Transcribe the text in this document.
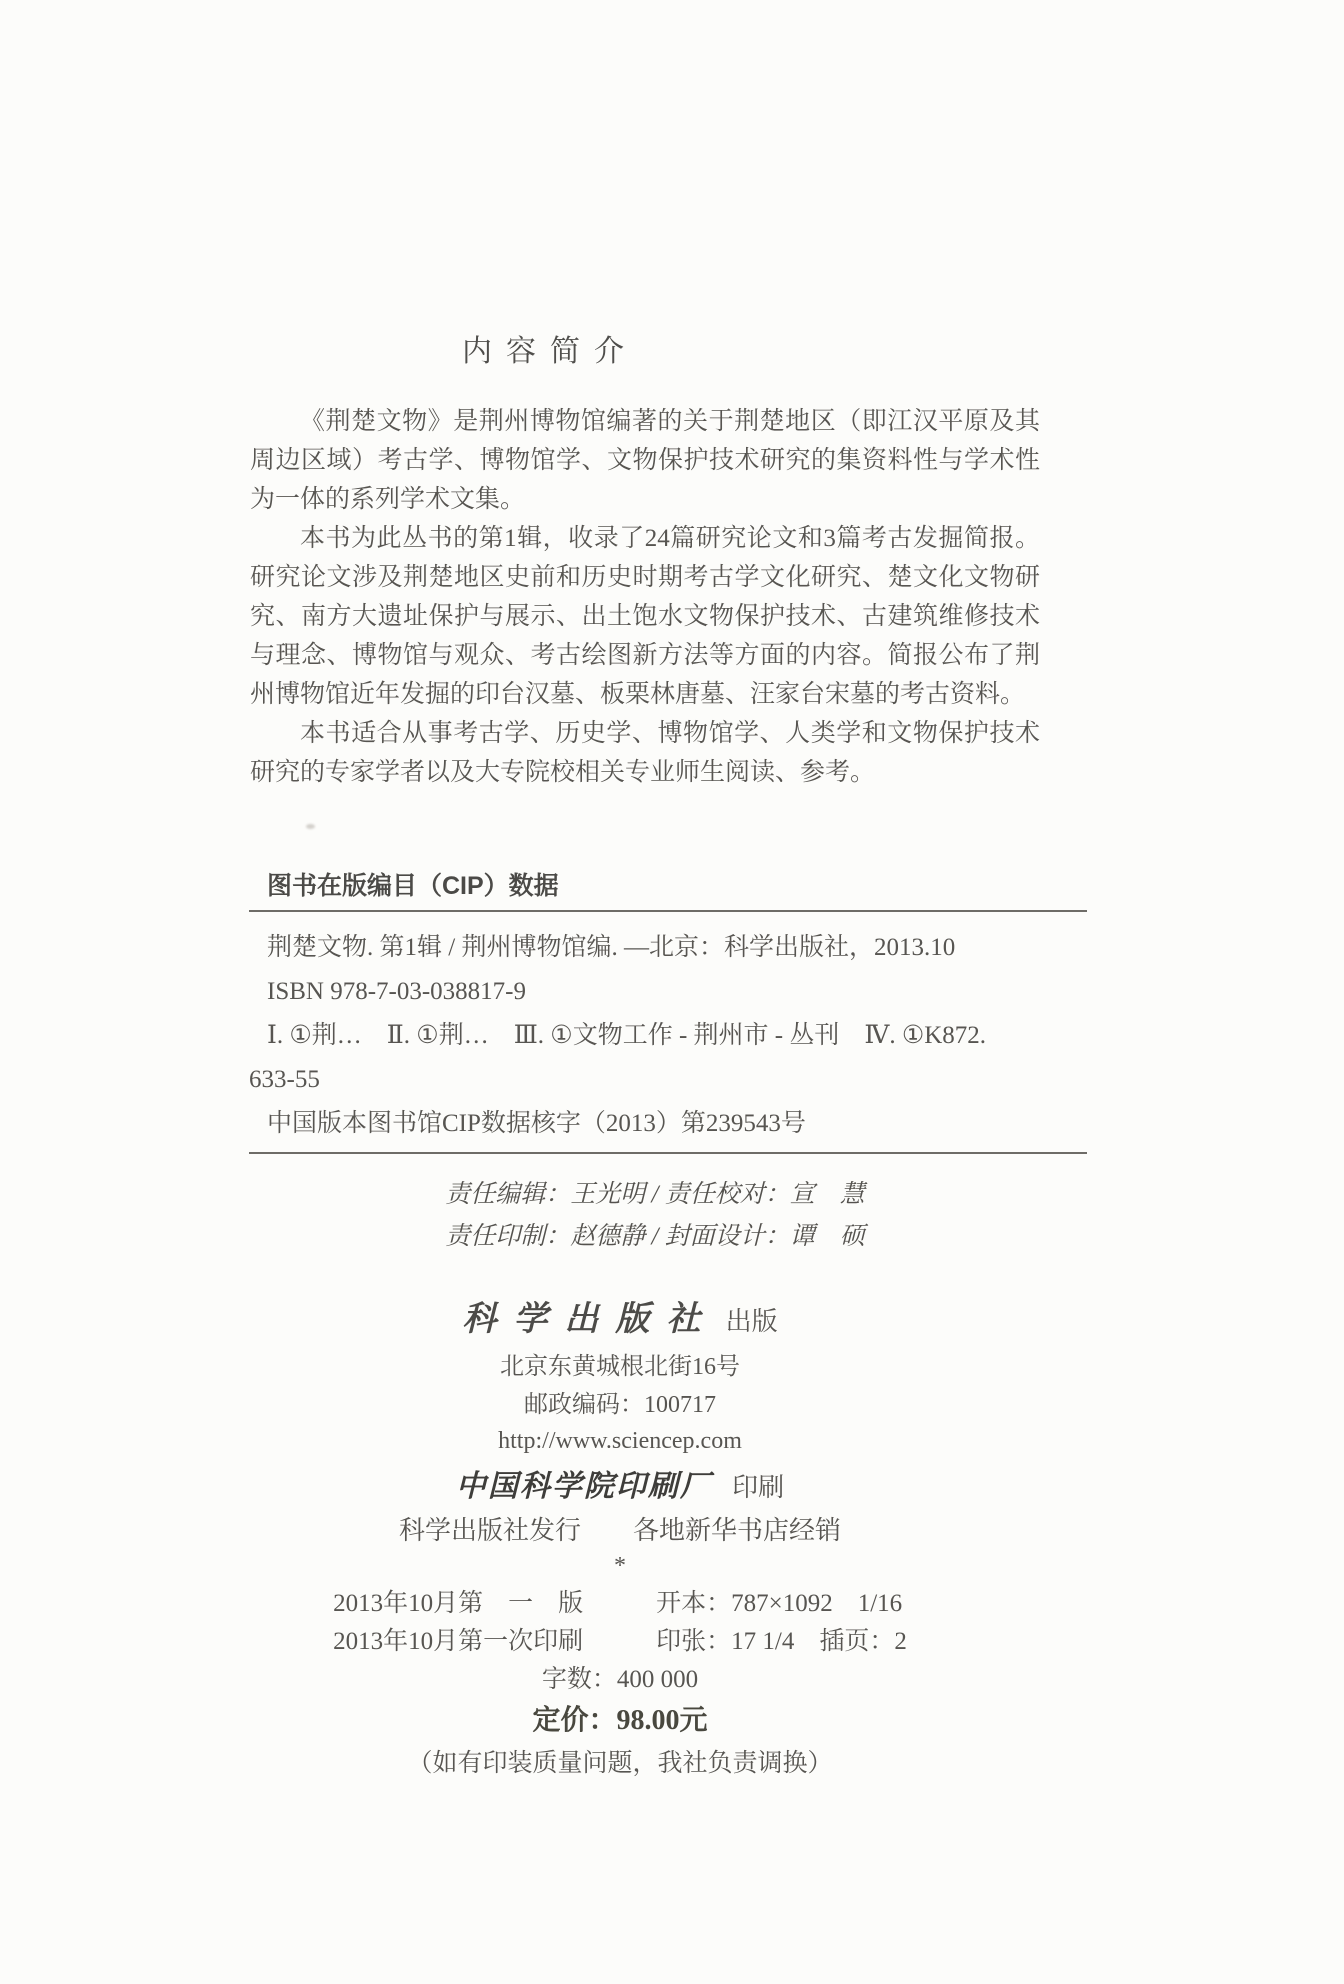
内容简介

《荆楚文物》是荆州博物馆编著的关于荆楚地区（即江汉平原及其周边区域）考古学、博物馆学、文物保护技术研究的集资料性与学术性为一体的系列学术文集。

本书为此丛书的第1辑，收录了24篇研究论文和3篇考古发掘简报。研究论文涉及荆楚地区史前和历史时期考古学文化研究、楚文化文物研究、南方大遗址保护与展示、出土饱水文物保护技术、古建筑维修技术与理念、博物馆与观众、考古绘图新方法等方面的内容。简报公布了荆州博物馆近年发掘的印台汉墓、板栗林唐墓、汪家台宋墓的考古资料。

本书适合从事考古学、历史学、博物馆学、人类学和文物保护技术研究的专家学者以及大专院校相关专业师生阅读、参考。

图书在版编目（CIP）数据
荆楚文物. 第1辑 / 荆州博物馆编. —北京：科学出版社，2013.10
ISBN 978-7-03-038817-9
Ⅰ. ①荆…　Ⅱ. ①荆…　Ⅲ. ①文物工作 - 荆州市 - 丛刊　Ⅳ. ①K872.
633-55
中国版本图书馆CIP数据核字（2013）第239543号
责任编辑：王光明 / 责任校对：宣　慧
责任印制：赵德静 / 封面设计：谭　硕
科学出版社 出版
北京东黄城根北街16号
邮政编码：100717
http://www.sciencep.com
中国科学院印刷厂 印刷
科学出版社发行　　各地新华书店经销
*
2013年10月第　一　版	开本：787×1092　1/16
2013年10月第一次印刷	印张：17 1/4　插页：2
字数：400 000
定价：98.00元
（如有印装质量问题，我社负责调换）
